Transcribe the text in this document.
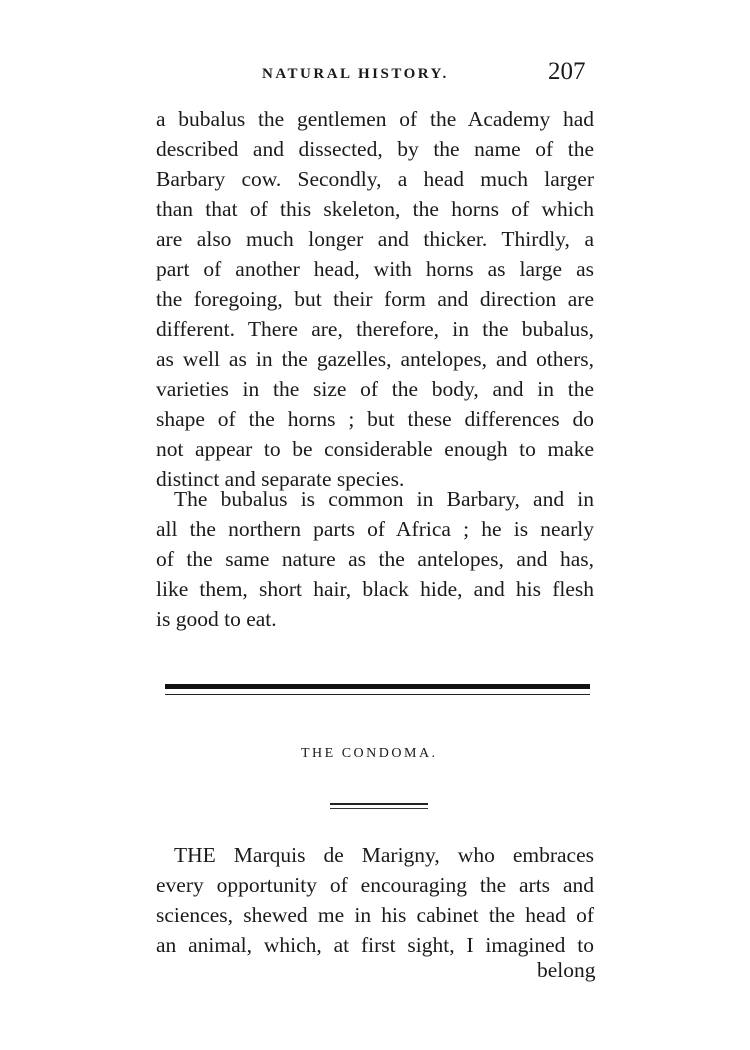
NATURAL HISTORY.	207
a bubalus the gentlemen of the Academy had
described and dissected, by the name of the
Barbary cow. Secondly, a head much larger
than that of this skeleton, the horns of which
are also much longer and thicker. Thirdly, a
part of another head, with horns as large as
the foregoing, but their form and direction are
different. There are, therefore, in the bubalus,
as well as in the gazelles, antelopes, and others,
varieties in the size of the body, and in the
shape of the horns ; but these differences do
not appear to be considerable enough to make
distinct and separate species.
The bubalus is common in Barbary, and in
all the northern parts of Africa ; he is nearly
of the same nature as the antelopes, and has,
like them, short hair, black hide, and his flesh
is good to eat.
THE CONDOMA.
THE Marquis de Marigny, who embraces
every opportunity of encouraging the arts and
sciences, shewed me in his cabinet the head of
an animal, which, at first sight, I imagined to
belong
